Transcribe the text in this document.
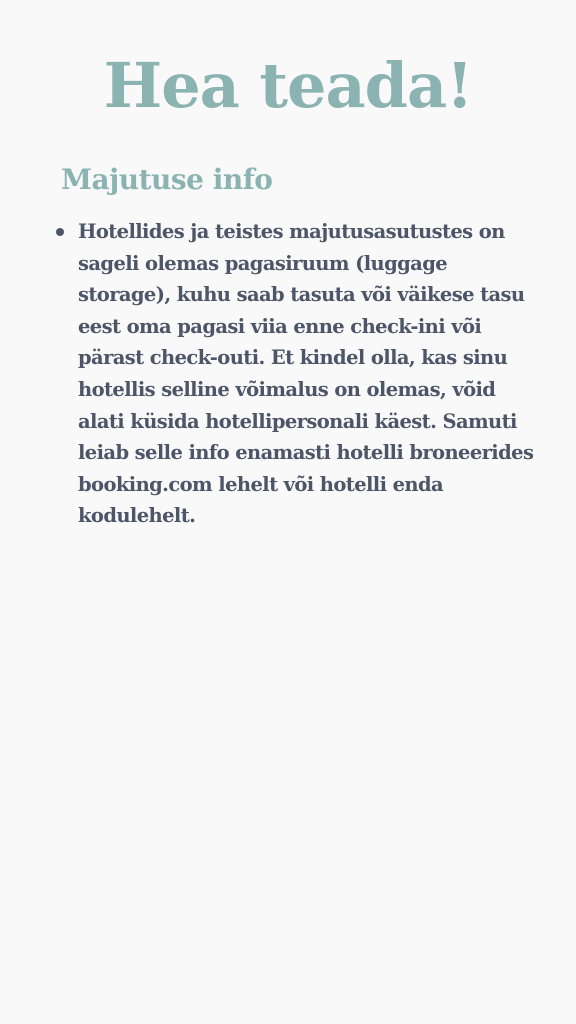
Hea teada!
Majutuse info
Hotellides ja teistes majutusasutustes on sageli olemas pagasiruum (luggage storage), kuhu saab tasuta või väikese tasu eest oma pagasi viia enne check-ini või pärast check-outi. Et kindel olla, kas sinu hotellis selline võimalus on olemas, võid alati küsida hotellipersonali käest. Samuti leiab selle info enamasti hotelli broneerides booking.com lehelt või hotelli enda kodulehelt.
